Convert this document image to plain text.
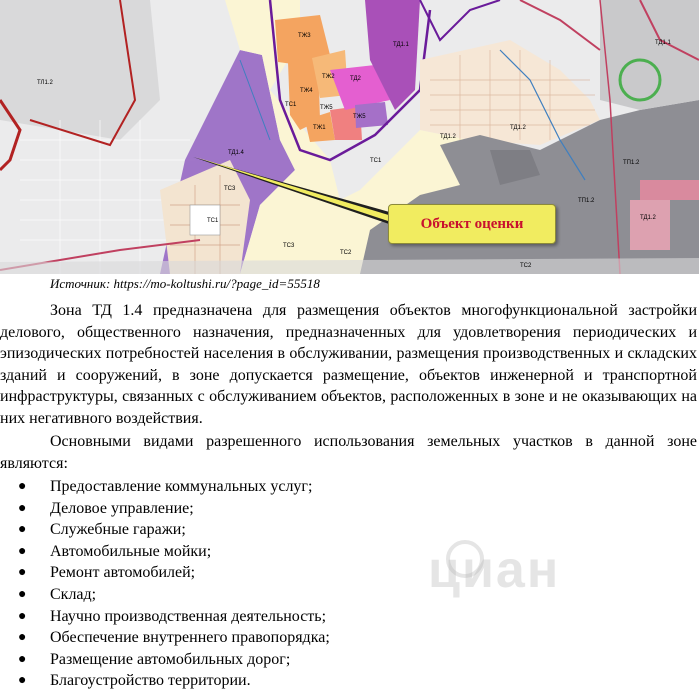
ТЖ3
ТД1.1
ТД2
ТЖ4
ТЖ2
ТС1	ТЖ5
ТЖ5
ТЖ1
ТД1.4
ТС3
ТС1
ТС3
ТС2
ТД1.2
ТС1
ТД1.2
ТЛ1.2
ТД1.1
ТП1.2
ТП1.2
ТС2
ТД1.2
Объект оценки
Источник: https://mo-koltushi.ru/?page_id=55518

Зона ТД 1.4 предназначена для размещения объектов многофункциональной застройки делового, общественного назначения, предназначенных для удовлетворения периодических и эпизодических потребностей населения в обслуживании, размещения производственных и складских зданий и сооружений, в зоне допускается размещение, объектов инженерной и транспортной инфраструктуры, связанных с обслуживанием объектов, расположенных в зоне и не оказывающих на них негативного воздействия.

Основными видами разрешенного использования земельных участков в данной зоне являются:

● Предоставление коммунальных услуг;
● Деловое управление;
● Служебные гаражи;
● Автомобильные мойки;
● Ремонт автомобилей;
● Склад;
● Научно производственная деятельность;
● Обеспечение внутреннего правопорядка;
● Размещение автомобильных дорог;
● Благоустройство территории.
циан
